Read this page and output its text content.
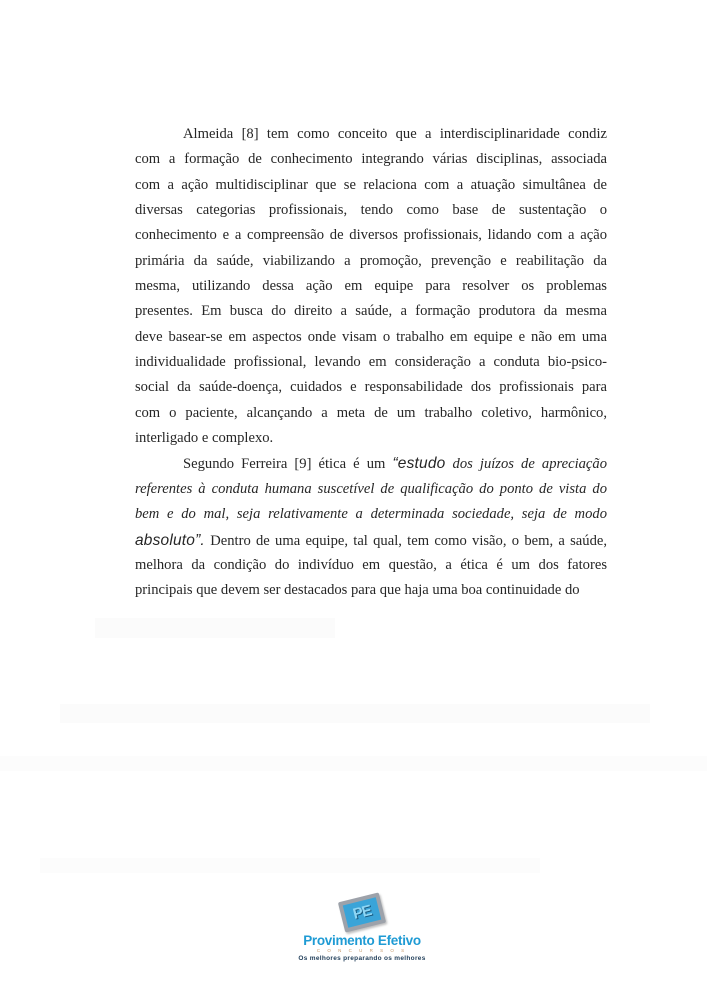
Almeida [8] tem como conceito que a interdisciplinaridade condiz
com a formação de conhecimento integrando várias disciplinas, associada
com a ação multidisciplinar que se relaciona com a atuação simultânea de
diversas categorias profissionais, tendo como base de sustentação o
conhecimento e a compreensão de diversos profissionais, lidando com a ação
primária da saúde, viabilizando a promoção, prevenção e reabilitação da
mesma, utilizando dessa ação em equipe para resolver os problemas
presentes. Em busca do direito a saúde, a formação produtora da mesma
deve basear-se em aspectos onde visam o trabalho em equipe e não em uma
individualidade profissional, levando em consideração a conduta bio-psico-
social da saúde-doença, cuidados e responsabilidade dos profissionais para
com o paciente, alcançando a meta de um trabalho coletivo, harmônico,
interligado e complexo.
Segundo Ferreira [9] ética é um “estudo dos juízos de apreciação
referentes à conduta humana suscetível de qualificação do ponto de vista do
bem e do mal, seja relativamente a determinada sociedade, seja de modo
absoluto”. Dentro de uma equipe, tal qual, tem como visão, o bem, a saúde,
melhora da condição do indivíduo em questão, a ética é um dos fatores
principais que devem ser destacados para que haja uma boa continuidade do
PE
Provimento Efetivo
C O N C U R S O S
Os melhores preparando os melhores
